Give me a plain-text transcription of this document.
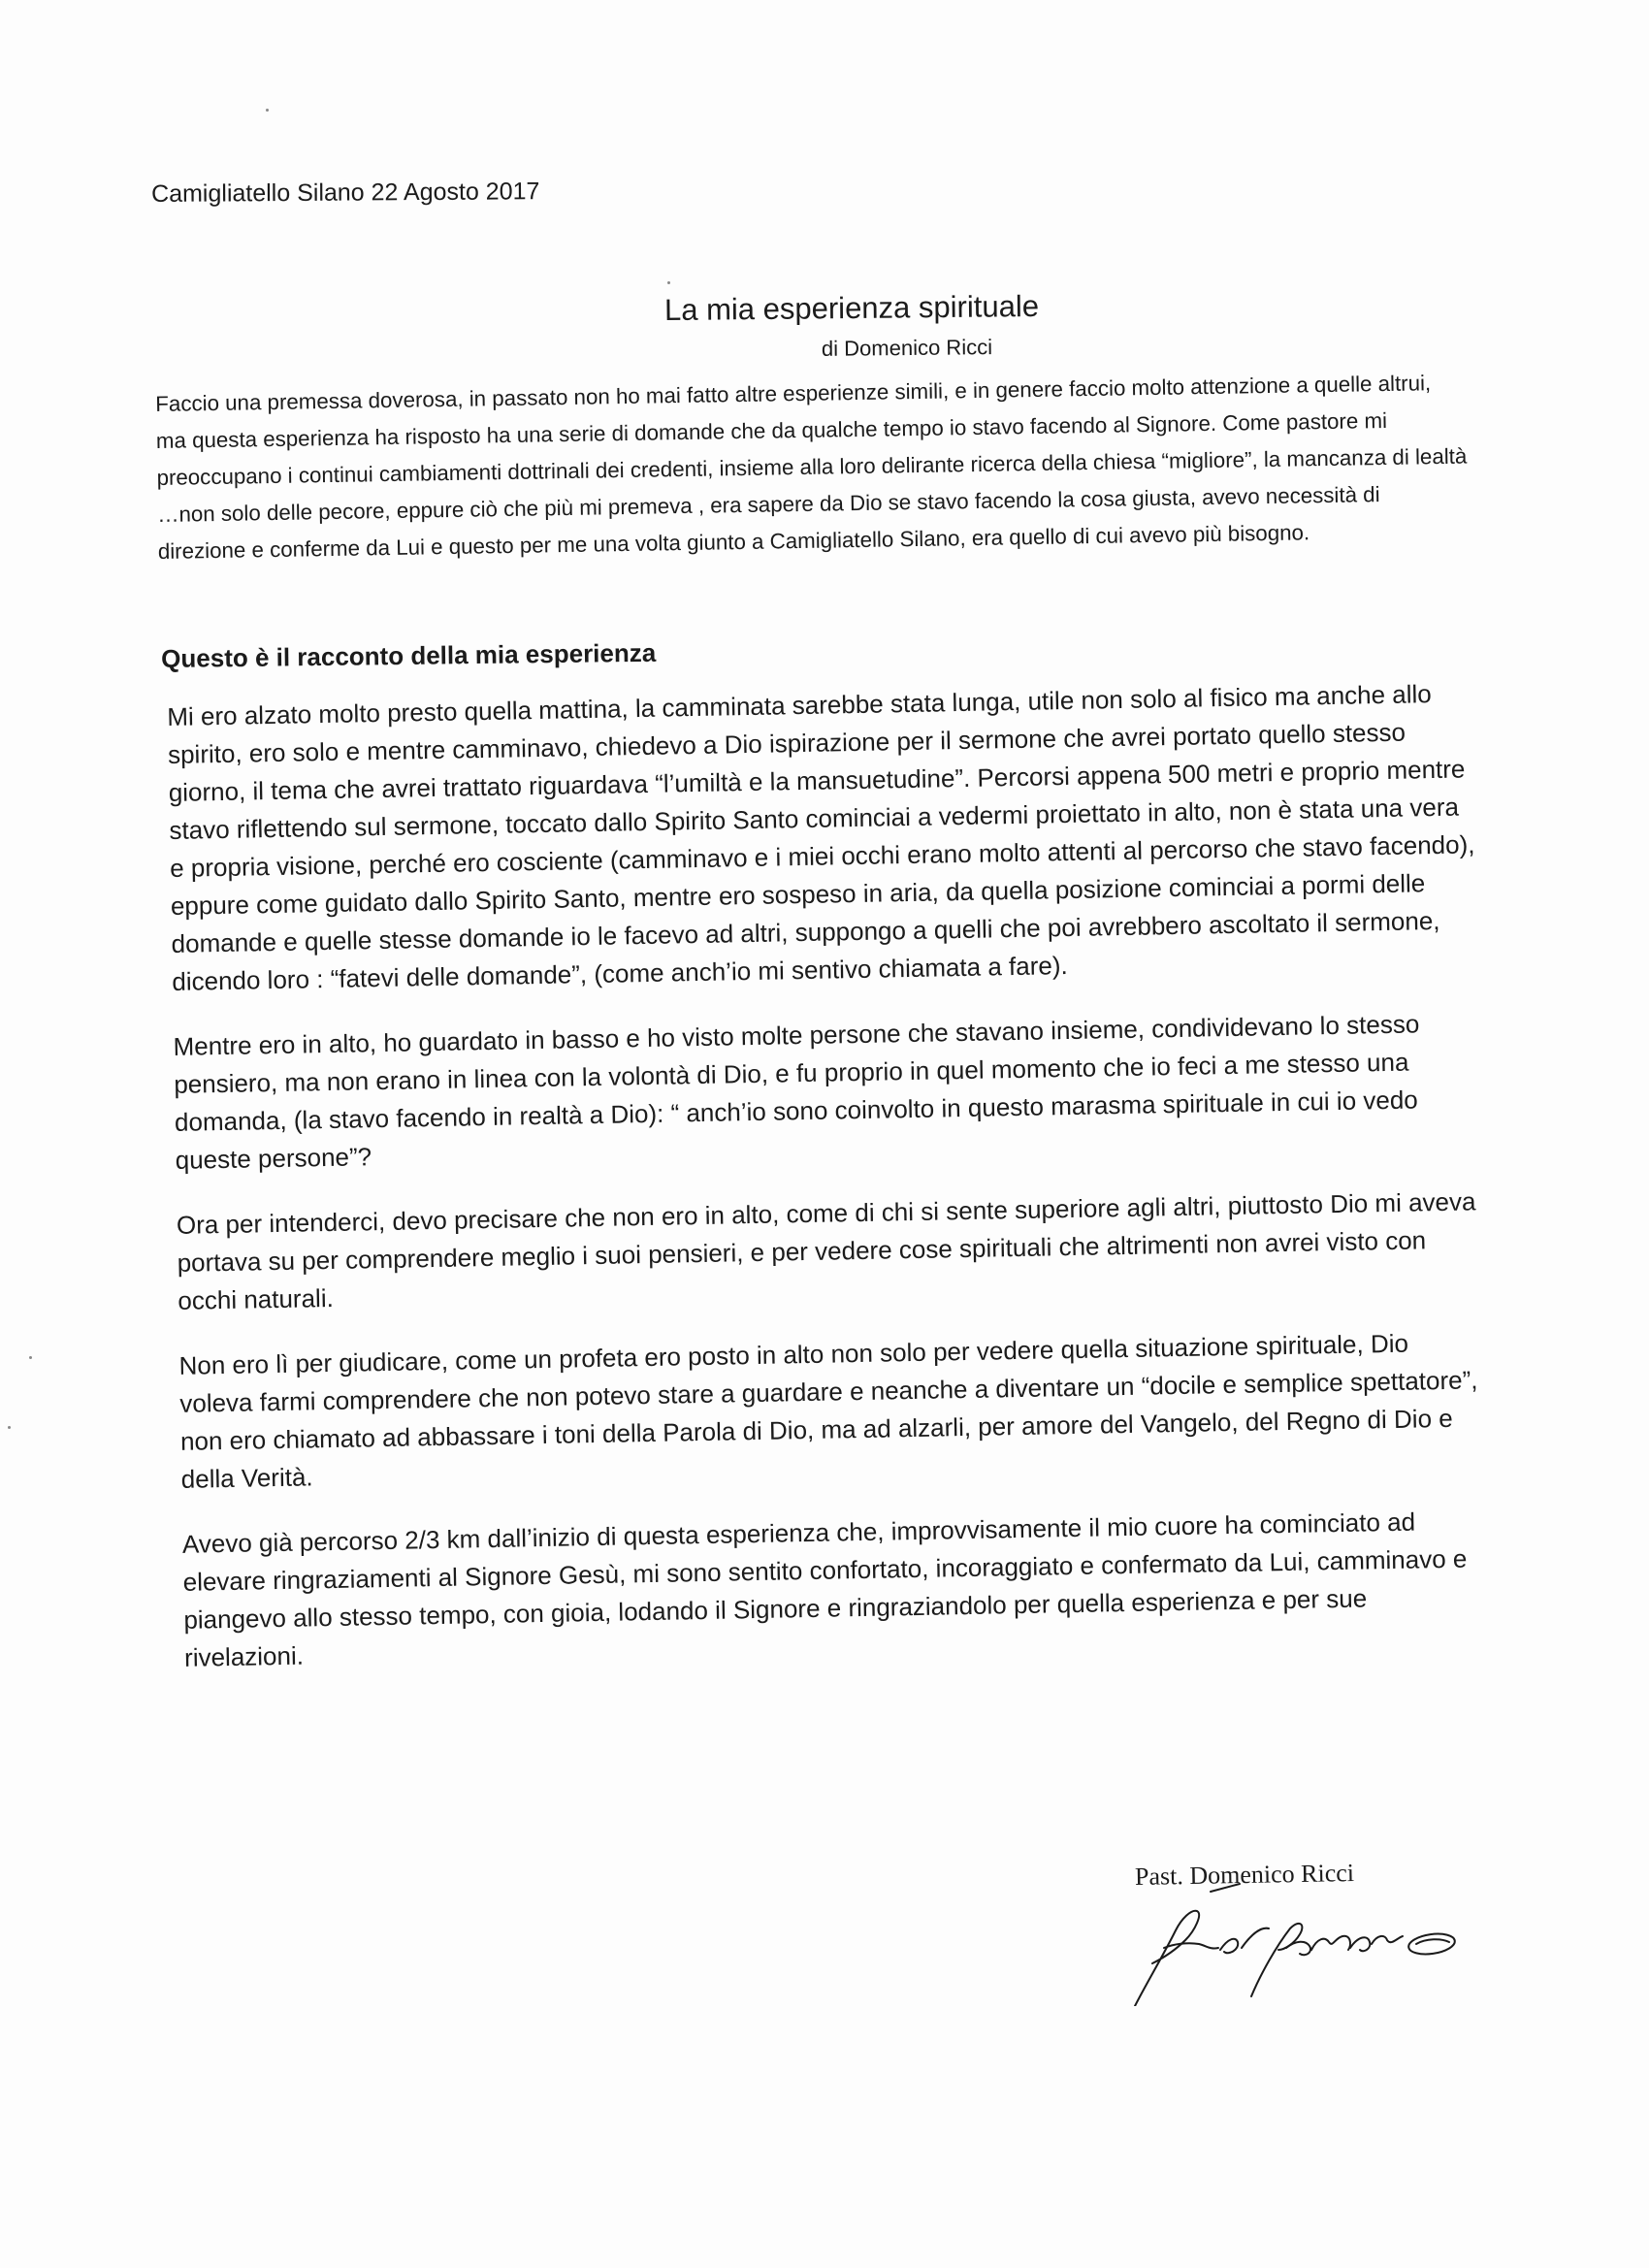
Camigliatello Silano 22 Agosto 2017
La mia esperienza spirituale
di Domenico Ricci
Faccio una premessa doverosa, in passato non ho mai fatto altre esperienze simili, e in genere faccio molto attenzione a quelle altrui, ma questa esperienza ha risposto ha una serie di domande che da qualche tempo io stavo facendo al Signore. Come pastore mi preoccupano i continui cambiamenti dottrinali dei credenti, insieme alla loro delirante ricerca della chiesa “migliore”, la mancanza di lealtà …non solo delle pecore, eppure ciò che più mi premeva , era sapere da Dio se stavo facendo la cosa giusta, avevo necessità di direzione e conferme da Lui e questo per me una volta giunto a Camigliatello Silano, era quello di cui avevo più bisogno.
Questo è il racconto della mia esperienza

Mi ero alzato molto presto quella mattina, la camminata sarebbe stata lunga, utile non solo al fisico ma anche allo spirito, ero solo e mentre camminavo, chiedevo a Dio ispirazione per il sermone che avrei portato quello stesso giorno, il tema che avrei trattato riguardava “l’umiltà e la mansuetudine”. Percorsi appena 500 metri e proprio mentre stavo riflettendo sul sermone, toccato dallo Spirito Santo cominciai a vedermi proiettato in alto, non è stata una vera e propria visione, perché ero cosciente (camminavo e i miei occhi erano molto attenti al percorso che stavo facendo), eppure come guidato dallo Spirito Santo, mentre ero sospeso in aria, da quella posizione cominciai a pormi delle domande e quelle stesse domande io le facevo ad altri, suppongo a quelli che poi avrebbero ascoltato il sermone, dicendo loro : “fatevi delle domande”, (come anch’io mi sentivo chiamata a fare).

Mentre ero in alto, ho guardato in basso e ho visto molte persone che stavano insieme, condividevano lo stesso pensiero, ma non erano in linea con la volontà di Dio, e fu proprio in quel momento che io feci a me stesso una domanda, (la stavo facendo in realtà a Dio): “ anch’io sono coinvolto in questo marasma spirituale in cui io vedo queste persone”?

Ora per intenderci, devo precisare che non ero in alto, come di chi si sente superiore agli altri, piuttosto Dio mi aveva portava su per comprendere meglio i suoi pensieri, e per vedere cose spirituali che altrimenti non avrei visto con occhi naturali.

Non ero lì per giudicare, come un profeta ero posto in alto non solo per vedere quella situazione spirituale, Dio voleva farmi comprendere che non potevo stare a guardare e neanche a diventare un “docile e semplice spettatore”, non ero chiamato ad abbassare i toni della Parola di Dio, ma ad alzarli, per amore del Vangelo, del Regno di Dio e della Verità.

Avevo già percorso 2/3 km dall’inizio di questa esperienza che, improvvisamente il mio cuore ha cominciato ad elevare ringraziamenti al Signore Gesù, mi sono sentito confortato, incoraggiato e confermato da Lui, camminavo e piangevo allo stesso tempo, con gioia, lodando il Signore e ringraziandolo per quella esperienza e per sue rivelazioni.

Past. Domenico Ricci
